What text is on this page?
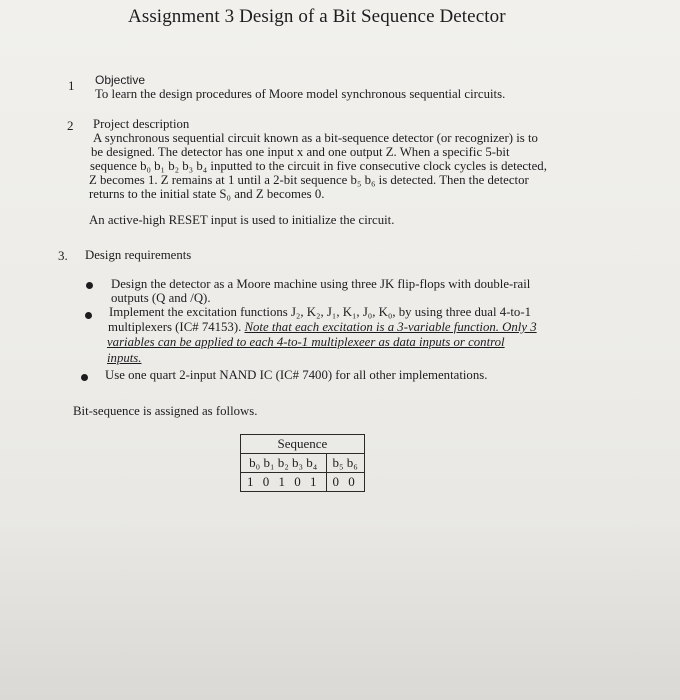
Assignment 3 Design of a Bit Sequence Detector
1 Objective
To learn the design procedures of Moore model synchronous sequential circuits.
2 Project description
A synchronous sequential circuit known as a bit-sequence detector (or recognizer) is to
be designed. The detector has one input x and one output Z. When a specific 5-bit
sequence b₀ b₁ b₂ b₃ b₄ inputted to the circuit in five consecutive clock cycles is detected,
Z becomes 1. Z remains at 1 until a 2-bit sequence b₅ b₆ is detected. Then the detector
returns to the initial state S₀ and Z becomes 0.
An active-high RESET input is used to initialize the circuit.
3. Design requirements
Design the detector as a Moore machine using three JK flip-flops with double-rail
outputs (Q and /Q).
Implement the excitation functions J₂, K₂, J₁, K₁, J₀, K₀, by using three dual 4-to-1
multiplexers (IC# 74153). Note that each excitation is a 3-variable function. Only 3
variables can be applied to each 4-to-1 multiplexeer as data inputs or control
inputs.
Use one quart 2-input NAND IC (IC# 7400) for all other implementations.
Bit-sequence is assigned as follows.
Sequence	
b₀ b₁ b₂ b₃ b₄	b₅ b₆
1 0 1 0 1	0 0
